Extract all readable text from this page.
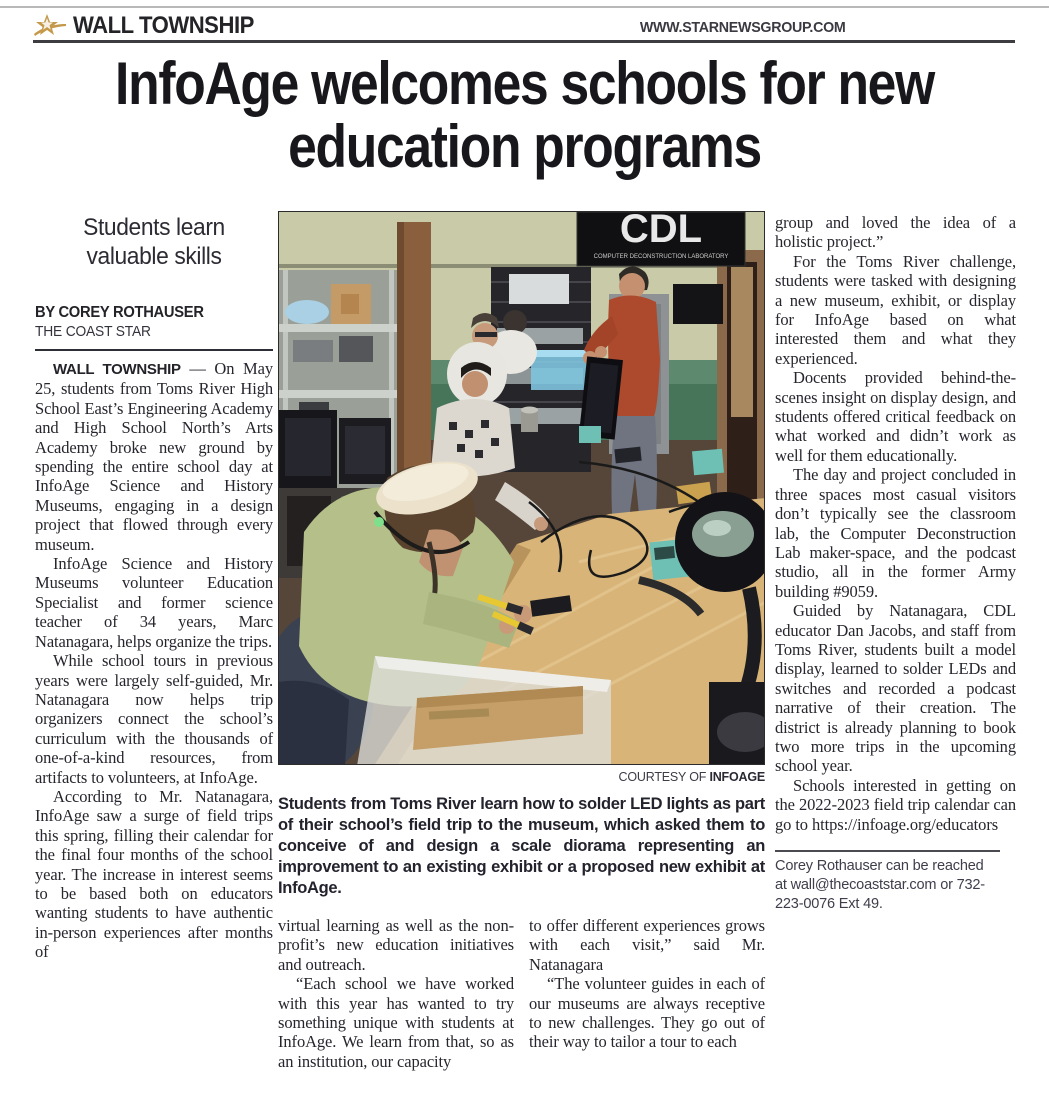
WALL TOWNSHIP	WWW.STARNEWSGROUP.COM
InfoAge welcomes schools for new
education programs
Students learn valuable skills
BY COREY ROTHAUSER
THE COAST STAR

WALL TOWNSHIP — On May 25, students from Toms River High School East’s Engineering Academy and High School North’s Arts Academy broke new ground by spending the entire school day at InfoAge Science and History Museums, engaging in a design project that flowed through every museum.

InfoAge Science and History Museums volunteer Education Specialist and former science teacher of 34 years, Marc Natanagara, helps organize the trips.

While school tours in previous years were largely self-guided, Mr. Natanagara now helps trip organizers connect the school’s curriculum with the thousands of one-of-a-kind resources, from artifacts to volunteers, at InfoAge.

According to Mr. Natanagara, InfoAge saw a surge of field trips this spring, filling their calendar for the final four months of the school year. The increase in interest seems to be based both on educators wanting students to have authentic in-person experiences after months of

CDL
COMPUTER DECONSTRUCTION LABORATORY
COURTESY OF INFOAGE
Students from Toms River learn how to solder LED lights as part of their school’s field trip to the museum, which asked them to conceive of and design a scale diorama representing an improvement to an existing exhibit or a proposed new exhibit at InfoAge.

virtual learning as well as the non-profit’s new education initiatives and outreach.

“Each school we have worked with this year has wanted to try something unique with students at InfoAge. We learn from that, so as an institution, our capacity

to offer different experiences grows with each visit,” said Mr. Natanagara

“The volunteer guides in each of our museums are always receptive to new challenges. They go out of their way to tailor a tour to each

group and loved the idea of a holistic project.”

For the Toms River challenge, students were tasked with designing a new museum, exhibit, or display for InfoAge based on what interested them and what they experienced.

Docents provided behind-the-scenes insight on display design, and students offered critical feedback on what worked and didn’t work as well for them educationally.

The day and project concluded in three spaces most casual visitors don’t typically see the classroom lab, the Computer Deconstruction Lab maker-space, and the podcast studio, all in the former Army building #9059.

Guided by Natanagara, CDL educator Dan Jacobs, and staff from Toms River, students built a model display, learned to solder LEDs and switches and recorded a podcast narrative of their creation. The district is already planning to book two more trips in the upcoming school year.

Schools interested in getting on the 2022-2023 field trip calendar can go to https://infoage.org/educators

Corey Rothauser can be reached at wall@thecoaststar.com or 732-223-0076 Ext 49.
